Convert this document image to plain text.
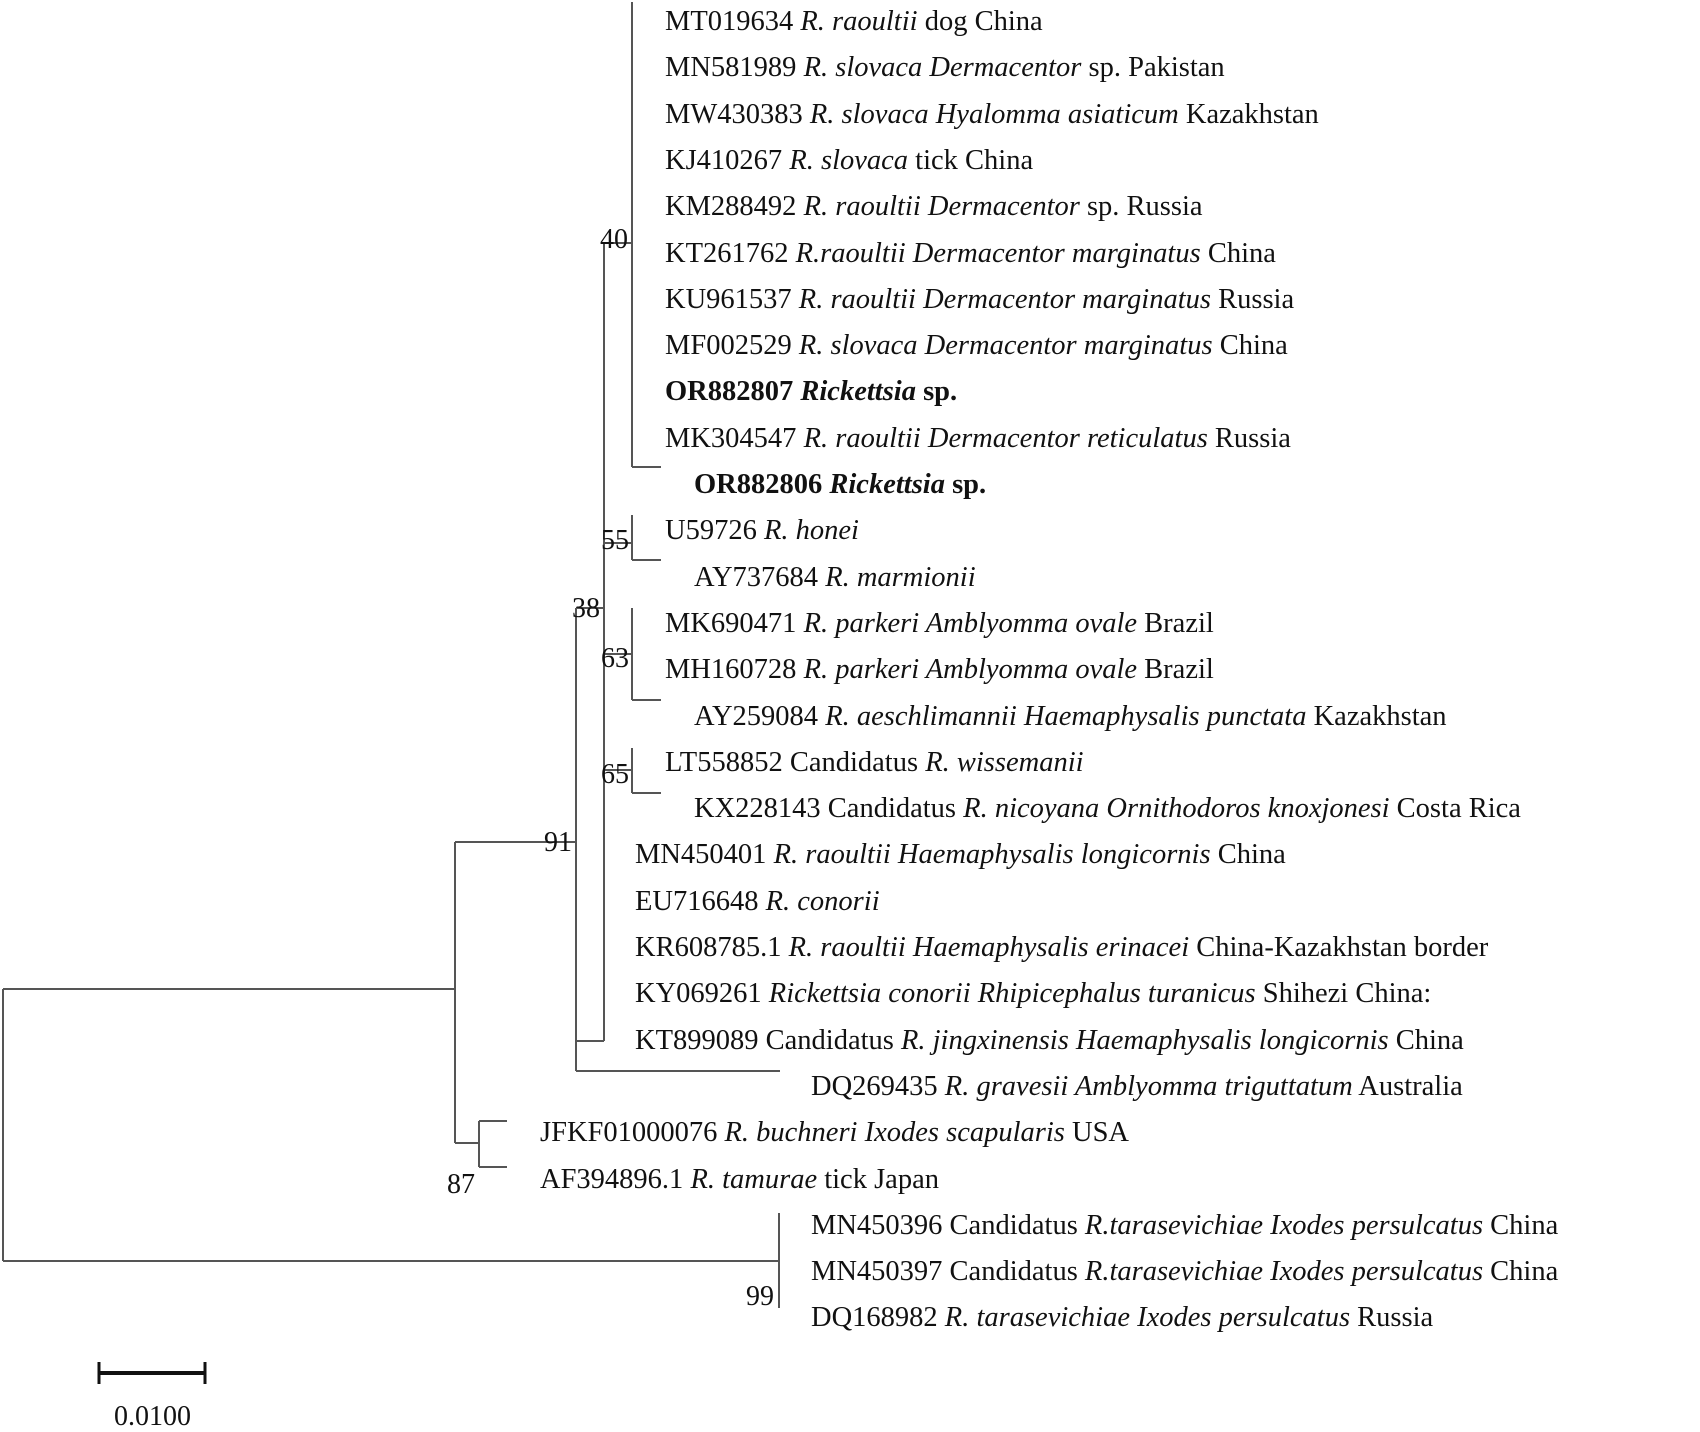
MT019634 R. raoultii dog China
MN581989 R. slovaca Dermacentor sp. Pakistan
MW430383 R. slovaca Hyalomma asiaticum Kazakhstan
KJ410267 R. slovaca tick China
KM288492 R. raoultii Dermacentor sp. Russia
KT261762 R.raoultii Dermacentor marginatus China
KU961537 R. raoultii Dermacentor marginatus Russia
MF002529 R. slovaca Dermacentor marginatus China
OR882807 Rickettsia sp.
MK304547 R. raoultii Dermacentor reticulatus Russia
OR882806 Rickettsia sp.
U59726 R. honei
AY737684 R. marmionii
MK690471 R. parkeri Amblyomma ovale Brazil
MH160728 R. parkeri Amblyomma ovale Brazil
AY259084 R. aeschlimannii Haemaphysalis punctata Kazakhstan
LT558852 Candidatus R. wissemanii
KX228143 Candidatus R. nicoyana Ornithodoros knoxjonesi Costa Rica
MN450401 R. raoultii Haemaphysalis longicornis China
EU716648 R. conorii
KR608785.1 R. raoultii Haemaphysalis erinacei China-Kazakhstan border
KY069261 Rickettsia conorii Rhipicephalus turanicus Shihezi China:
KT899089 Candidatus R. jingxinensis Haemaphysalis longicornis China
DQ269435 R. gravesii Amblyomma triguttatum Australia
JFKF01000076 R. buchneri Ixodes scapularis USA
AF394896.1 R. tamurae tick Japan
MN450396 Candidatus R.tarasevichiae Ixodes persulcatus China
MN450397 Candidatus R.tarasevichiae Ixodes persulcatus China
DQ168982 R. tarasevichiae Ixodes persulcatus Russia
40
55
38
63
65
91
87
99
0.0100
